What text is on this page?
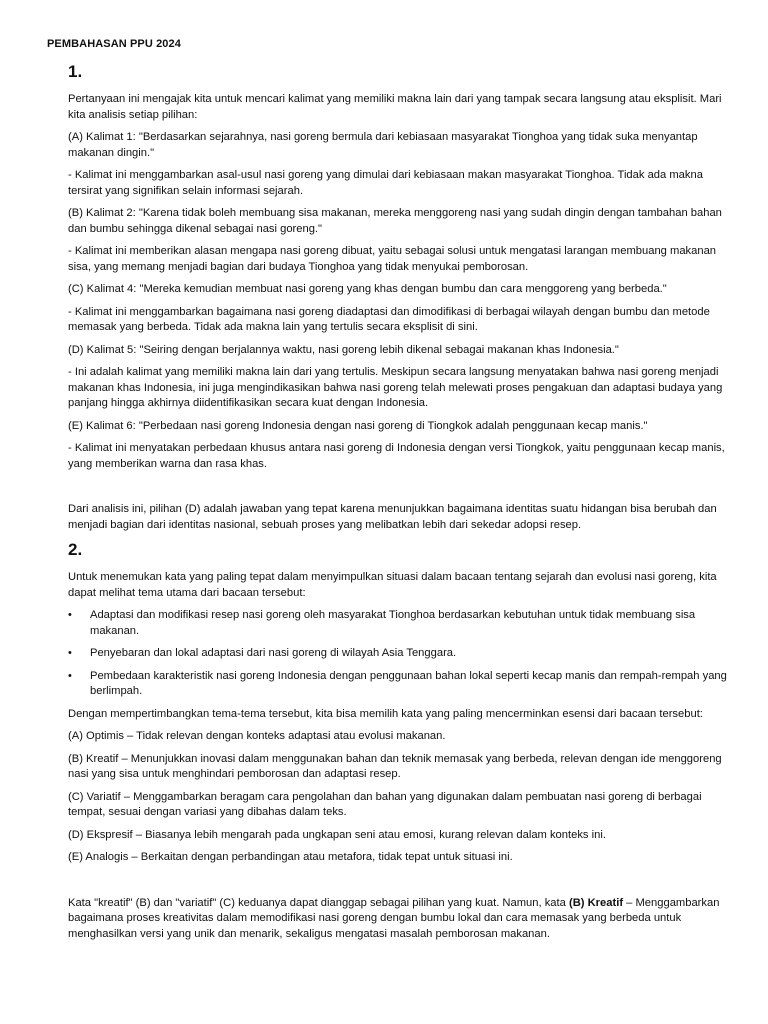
PEMBAHASAN PPU 2024
1.

Pertanyaan ini mengajak kita untuk mencari kalimat yang memiliki makna lain dari yang tampak secara langsung atau eksplisit. Mari kita analisis setiap pilihan:

(A) Kalimat 1: "Berdasarkan sejarahnya, nasi goreng bermula dari kebiasaan masyarakat Tionghoa yang tidak suka menyantap makanan dingin."

- Kalimat ini menggambarkan asal-usul nasi goreng yang dimulai dari kebiasaan makan masyarakat Tionghoa. Tidak ada makna tersirat yang signifikan selain informasi sejarah.

(B) Kalimat 2: "Karena tidak boleh membuang sisa makanan, mereka menggoreng nasi yang sudah dingin dengan tambahan bahan dan bumbu sehingga dikenal sebagai nasi goreng."

- Kalimat ini memberikan alasan mengapa nasi goreng dibuat, yaitu sebagai solusi untuk mengatasi larangan membuang makanan sisa, yang memang menjadi bagian dari budaya Tionghoa yang tidak menyukai pemborosan.

(C) Kalimat 4: "Mereka kemudian membuat nasi goreng yang khas dengan bumbu dan cara menggoreng yang berbeda."

- Kalimat ini menggambarkan bagaimana nasi goreng diadaptasi dan dimodifikasi di berbagai wilayah dengan bumbu dan metode memasak yang berbeda. Tidak ada makna lain yang tertulis secara eksplisit di sini.

(D) Kalimat 5: "Seiring dengan berjalannya waktu, nasi goreng lebih dikenal sebagai makanan khas Indonesia."

- Ini adalah kalimat yang memiliki makna lain dari yang tertulis. Meskipun secara langsung menyatakan bahwa nasi goreng menjadi makanan khas Indonesia, ini juga mengindikasikan bahwa nasi goreng telah melewati proses pengakuan dan adaptasi budaya yang panjang hingga akhirnya diidentifikasikan secara kuat dengan Indonesia.

(E) Kalimat 6: "Perbedaan nasi goreng Indonesia dengan nasi goreng di Tiongkok adalah penggunaan kecap manis."

- Kalimat ini menyatakan perbedaan khusus antara nasi goreng di Indonesia dengan versi Tiongkok, yaitu penggunaan kecap manis, yang memberikan warna dan rasa khas.

Dari analisis ini, pilihan (D) adalah jawaban yang tepat karena menunjukkan bagaimana identitas suatu hidangan bisa berubah dan menjadi bagian dari identitas nasional, sebuah proses yang melibatkan lebih dari sekedar adopsi resep.

2.

Untuk menemukan kata yang paling tepat dalam menyimpulkan situasi dalam bacaan tentang sejarah dan evolusi nasi goreng, kita dapat melihat tema utama dari bacaan tersebut:

• Adaptasi dan modifikasi resep nasi goreng oleh masyarakat Tionghoa berdasarkan kebutuhan untuk tidak membuang sisa makanan.
• Penyebaran dan lokal adaptasi dari nasi goreng di wilayah Asia Tenggara.
• Pembedaan karakteristik nasi goreng Indonesia dengan penggunaan bahan lokal seperti kecap manis dan rempah-rempah yang berlimpah.

Dengan mempertimbangkan tema-tema tersebut, kita bisa memilih kata yang paling mencerminkan esensi dari bacaan tersebut:

(A) Optimis – Tidak relevan dengan konteks adaptasi atau evolusi makanan.

(B) Kreatif – Menunjukkan inovasi dalam menggunakan bahan dan teknik memasak yang berbeda, relevan dengan ide menggoreng nasi yang sisa untuk menghindari pemborosan dan adaptasi resep.

(C) Variatif – Menggambarkan beragam cara pengolahan dan bahan yang digunakan dalam pembuatan nasi goreng di berbagai tempat, sesuai dengan variasi yang dibahas dalam teks.

(D) Ekspresif – Biasanya lebih mengarah pada ungkapan seni atau emosi, kurang relevan dalam konteks ini.

(E) Analogis – Berkaitan dengan perbandingan atau metafora, tidak tepat untuk situasi ini.

Kata "kreatif" (B) dan "variatif" (C) keduanya dapat dianggap sebagai pilihan yang kuat. Namun, kata (B) Kreatif – Menggambarkan bagaimana proses kreativitas dalam memodifikasi nasi goreng dengan bumbu lokal dan cara memasak yang berbeda untuk menghasilkan versi yang unik dan menarik, sekaligus mengatasi masalah pemborosan makanan.
